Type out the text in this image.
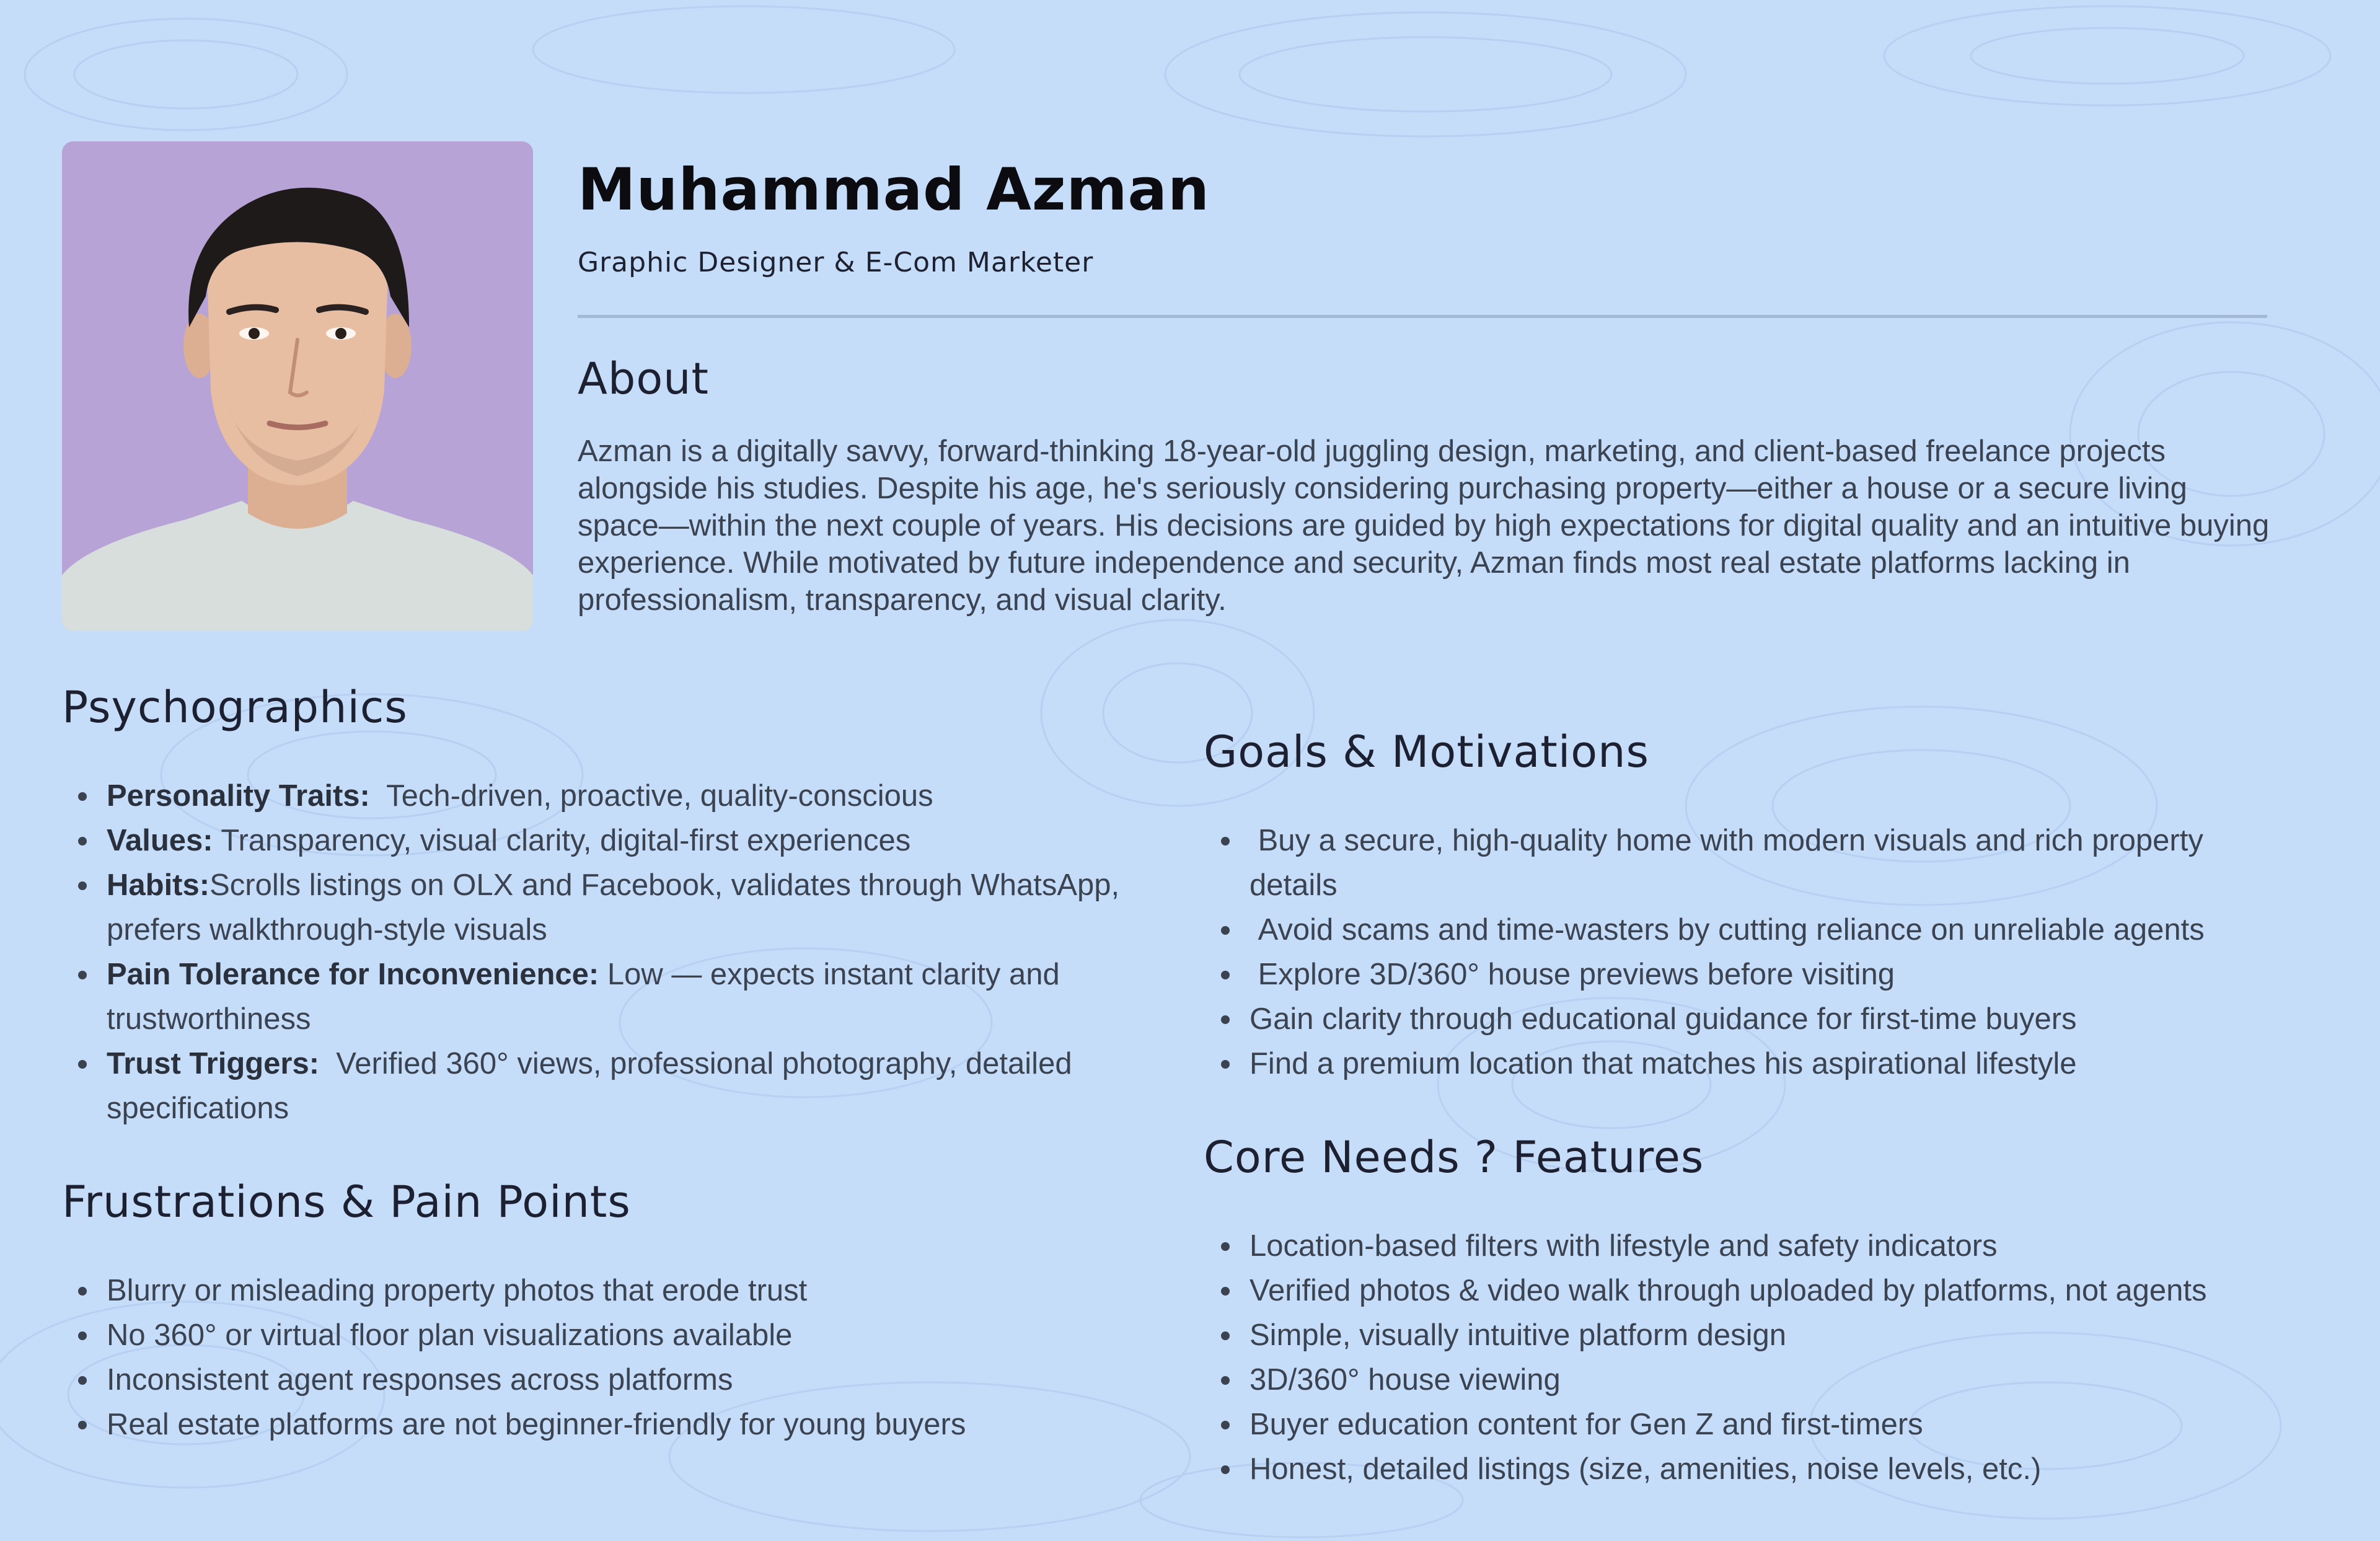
Muhammad Azman

Graphic Designer & E-Com Marketer

About

Azman is a digitally savvy, forward-thinking 18-year-old juggling design, marketing, and client-based freelance projects alongside his studies. Despite his age, he's seriously considering purchasing property—either a house or a secure living space—within the next couple of years. His decisions are guided by high expectations for digital quality and an intuitive buying experience. While motivated by future independence and security, Azman finds most real estate platforms lacking in professionalism, transparency, and visual clarity.

Psychographics
Personality Traits:  Tech-driven, proactive, quality-conscious
Values: Transparency, visual clarity, digital-first experiences
Habits:Scrolls listings on OLX and Facebook, validates through WhatsApp, prefers walkthrough-style visuals
Pain Tolerance for Inconvenience: Low — expects instant clarity and trustworthiness
Trust Triggers:  Verified 360° views, professional photography, detailed specifications
Frustrations & Pain Points
Blurry or misleading property photos that erode trust
No 360° or virtual floor plan visualizations available
Inconsistent agent responses across platforms
Real estate platforms are not beginner-friendly for young buyers
Goals & Motivations
Buy a secure, high-quality home with modern visuals and rich property details
Avoid scams and time-wasters by cutting reliance on unreliable agents
Explore 3D/360° house previews before visiting
Gain clarity through educational guidance for first-time buyers
Find a premium location that matches his aspirational lifestyle
Core Needs ? Features
Location-based filters with lifestyle and safety indicators
Verified photos & video walk through uploaded by platforms, not agents
Simple, visually intuitive platform design
3D/360° house viewing
Buyer education content for Gen Z and first-timers
Honest, detailed listings (size, amenities, noise levels, etc.)
